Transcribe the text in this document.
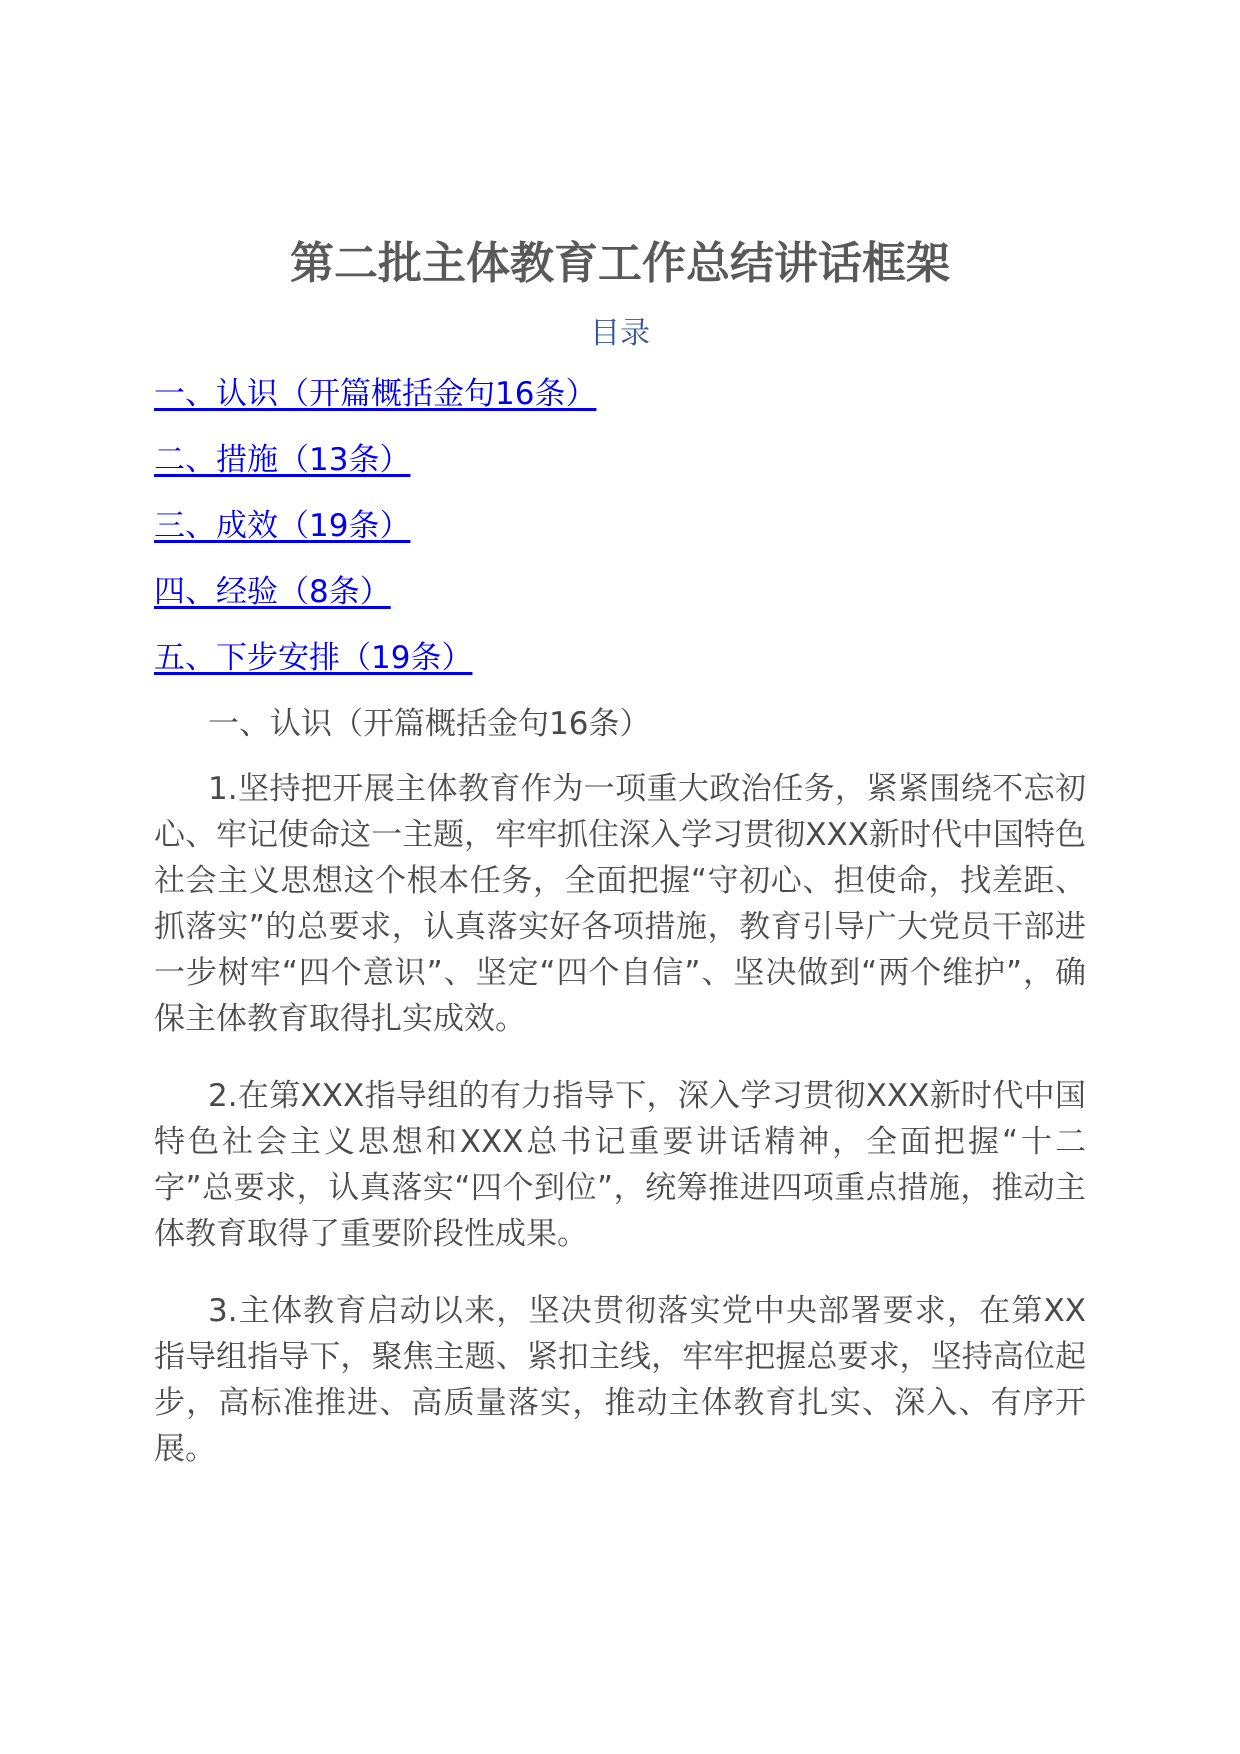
第二批主体教育工作总结讲话框架
目录
一、认识（开篇概括金句16条）
二、措施（13条）
三、成效（19条）
四、经验（8条）
五、下步安排（19条）
一、认识（开篇概括金句16条）

1.坚持把开展主体教育作为一项重大政治任务，紧紧围绕不忘初心、牢记使命这一主题，牢牢抓住深入学习贯彻XXX新时代中国特色社会主义思想这个根本任务，全面把握“守初心、担使命，找差距、抓落实”的总要求，认真落实好各项措施，教育引导广大党员干部进一步树牢“四个意识”、坚定“四个自信”、坚决做到“两个维护”，确保主体教育取得扎实成效。

2.在第XXX指导组的有力指导下，深入学习贯彻XXX新时代中国特色社会主义思想和XXX总书记重要讲话精神，全面把握“十二字”总要求，认真落实“四个到位”，统筹推进四项重点措施，推动主体教育取得了重要阶段性成果。

3.主体教育启动以来，坚决贯彻落实党中央部署要求，在第XX指导组指导下，聚焦主题、紧扣主线，牢牢把握总要求，坚持高位起步，高标准推进、高质量落实，推动主体教育扎实、深入、有序开展。
